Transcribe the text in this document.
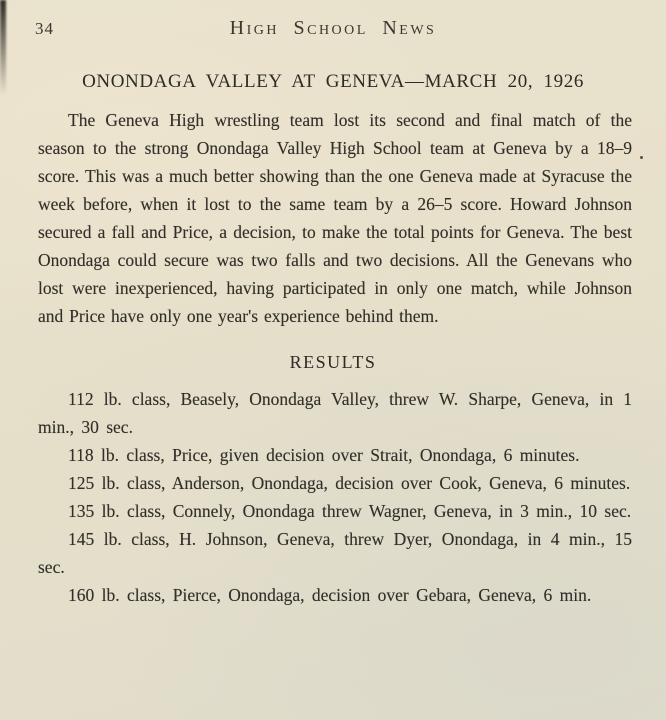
34	High School News
ONONDAGA VALLEY AT GENEVA—MARCH 20, 1926

The Geneva High wrestling team lost its second and final match of the season to the strong Onondaga Valley High School team at Geneva by a 18–9 score. This was a much better showing than the one Geneva made at Syracuse the week before, when it lost to the same team by a 26–5 score. Howard Johnson secured a fall and Price, a decision, to make the total points for Geneva. The best Onondaga could secure was two falls and two decisions. All the Genevans who lost were inexperienced, having participated in only one match, while Johnson and Price have only one year's experience behind them.

RESULTS

112 lb. class, Beasely, Onondaga Valley, threw W. Sharpe, Geneva, in 1 min., 30 sec.

118 lb. class, Price, given decision over Strait, Onondaga, 6 minutes.

125 lb. class, Anderson, Onondaga, decision over Cook, Geneva, 6 minutes.

135 lb. class, Connely, Onondaga threw Wagner, Geneva, in 3 min., 10 sec.

145 lb. class, H. Johnson, Geneva, threw Dyer, Onondaga, in 4 min., 15 sec.

160 lb. class, Pierce, Onondaga, decision over Gebara, Geneva, 6 min.
